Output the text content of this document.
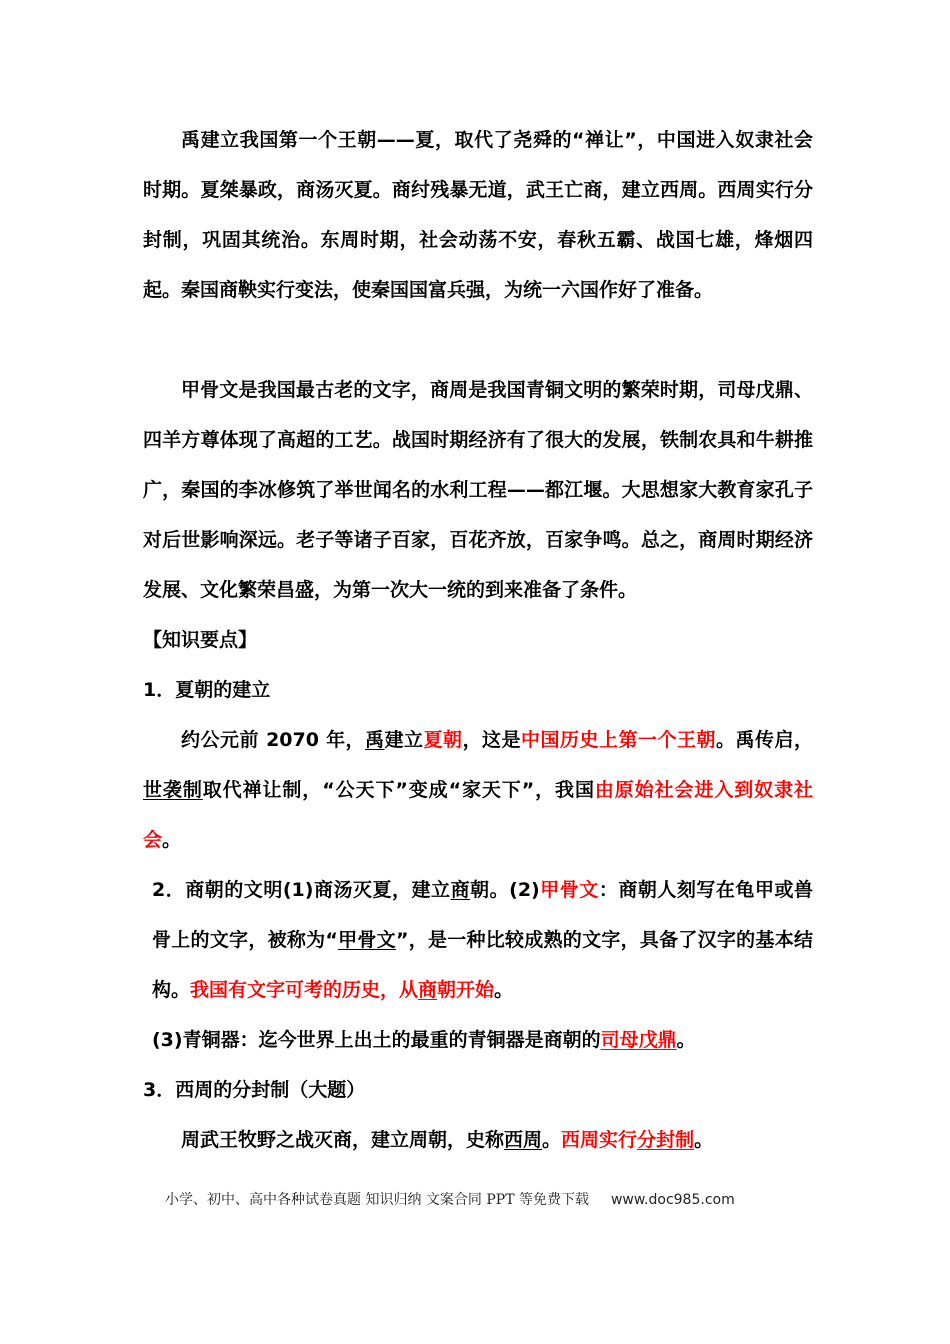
禹建立我国第一个王朝——夏，取代了尧舜的“禅让”，中国进入奴隶社会时期。夏桀暴政，商汤灭夏。商纣残暴无道，武王亡商，建立西周。西周实行分封制，巩固其统治。东周时期，社会动荡不安，春秋五霸、战国七雄，烽烟四起。秦国商鞅实行变法，使秦国国富兵强，为统一六国作好了准备。

甲骨文是我国最古老的文字，商周是我国青铜文明的繁荣时期，司母戊鼎、四羊方尊体现了高超的工艺。战国时期经济有了很大的发展，铁制农具和牛耕推广，秦国的李冰修筑了举世闻名的水利工程——都江堰。大思想家大教育家孔子对后世影响深远。老子等诸子百家，百花齐放，百家争鸣。总之，商周时期经济发展、文化繁荣昌盛，为第一次大一统的到来准备了条件。

【知识要点】

1．夏朝的建立

约公元前 2070 年，禹建立夏朝，这是中国历史上第一个王朝。禹传启，世袭制取代禅让制，“公天下”变成“家天下”，我国由原始社会进入到奴隶社会。

2．商朝的文明(1)商汤灭夏，建立商朝。(2)甲骨文：商朝人刻写在龟甲或兽骨上的文字，被称为“甲骨文”，是一种比较成熟的文字，具备了汉字的基本结构。我国有文字可考的历史，从商朝开始。

(3)青铜器：迄今世界上出土的最重的青铜器是商朝的司母戊鼎。

3．西周的分封制（大题）

周武王牧野之战灭商，建立周朝，史称西周。西周实行分封制。

小学、初中、高中各种试卷真题 知识归纳 文案合同 PPT 等免费下载 www.doc985.com
